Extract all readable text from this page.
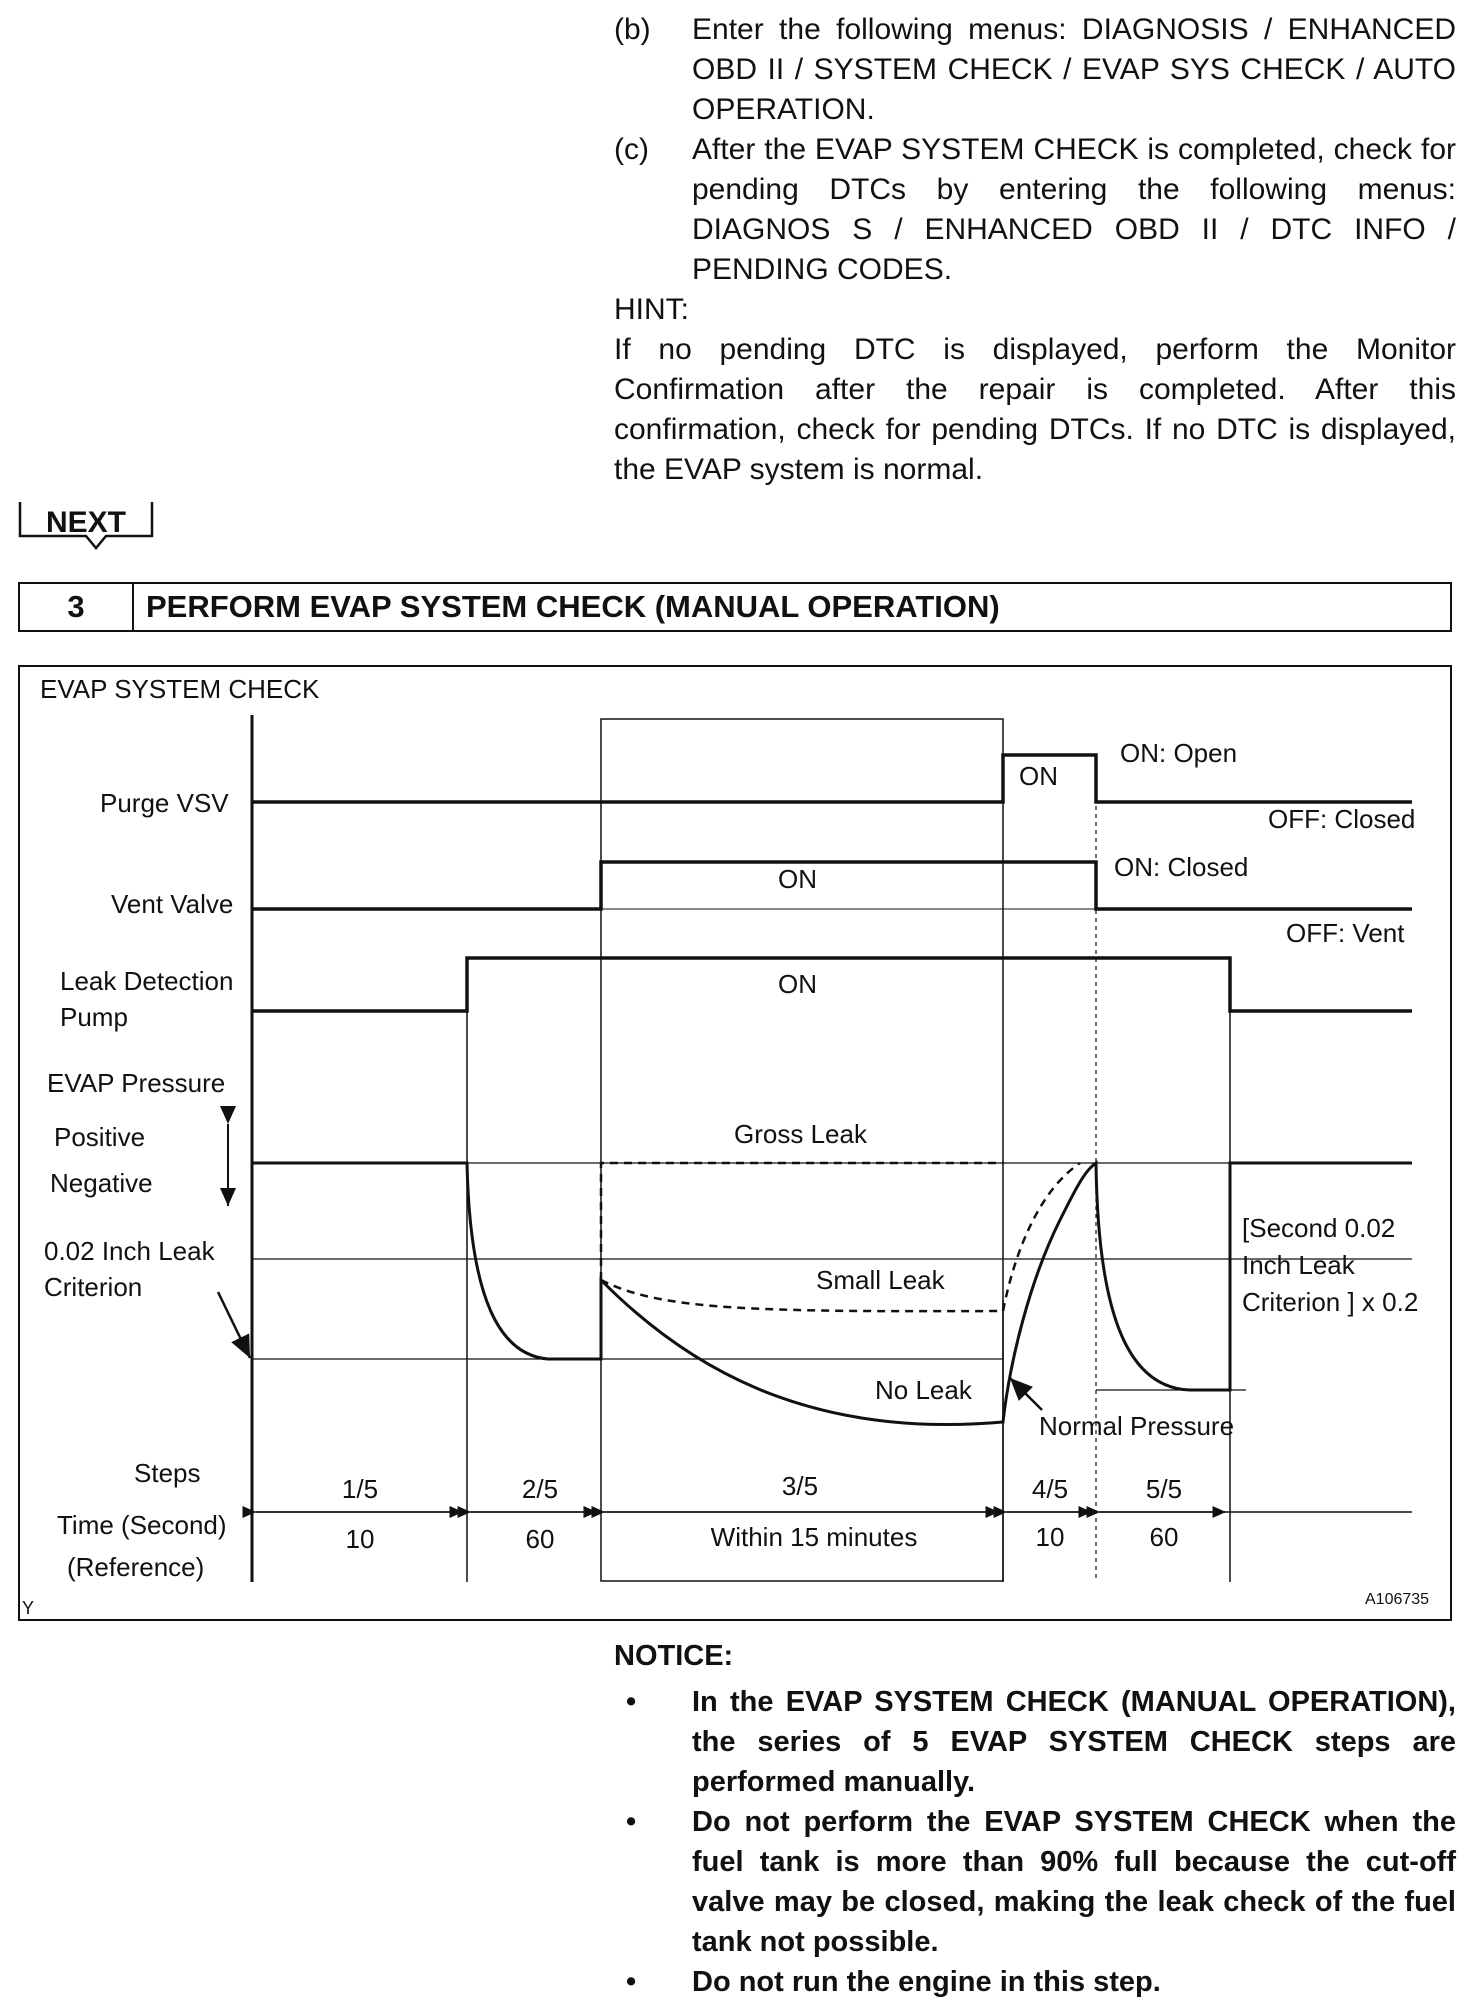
(b) Enter the following menus: DIAGNOSIS / ENHANCED OBD II / SYSTEM CHECK / EVAP SYS CHECK / AUTO OPERATION.
(c) After the EVAP SYSTEM CHECK is completed, check for pending DTCs by entering the following menus: DIAGNOS S / ENHANCED OBD II / DTC INFO / PENDING CODES.
HINT:
If no pending DTC is displayed, perform the Monitor Confirmation after the repair is completed. After this confirmation, check for pending DTCs. If no DTC is displayed, the EVAP system is normal.
NEXT
3	PERFORM EVAP SYSTEM CHECK (MANUAL OPERATION)
EVAP SYSTEM CHECK
Purge VSV
Vent Valve
Leak Detection
Pump
EVAP Pressure
Positive
Negative
0.02 Inch Leak
Criterion
ON
ON: Open
OFF: Closed
ON	ON: Closed
OFF: Vent
ON
Gross Leak
Small Leak
No Leak
Normal Pressure
[Second 0.02
Inch Leak
Criterion ] x 0.2
Steps
Time (Second)
(Reference)
1/5	2/5	3/5	4/5	5/5
10	60	Within 15 minutes	10	60
A106735
Y
NOTICE:
• In the EVAP SYSTEM CHECK (MANUAL OPERATION), the series of 5 EVAP SYSTEM CHECK steps are performed manually.
• Do not perform the EVAP SYSTEM CHECK when the fuel tank is more than 90% full because the cut-off valve may be closed, making the leak check of the fuel tank not possible.
• Do not run the engine in this step.
